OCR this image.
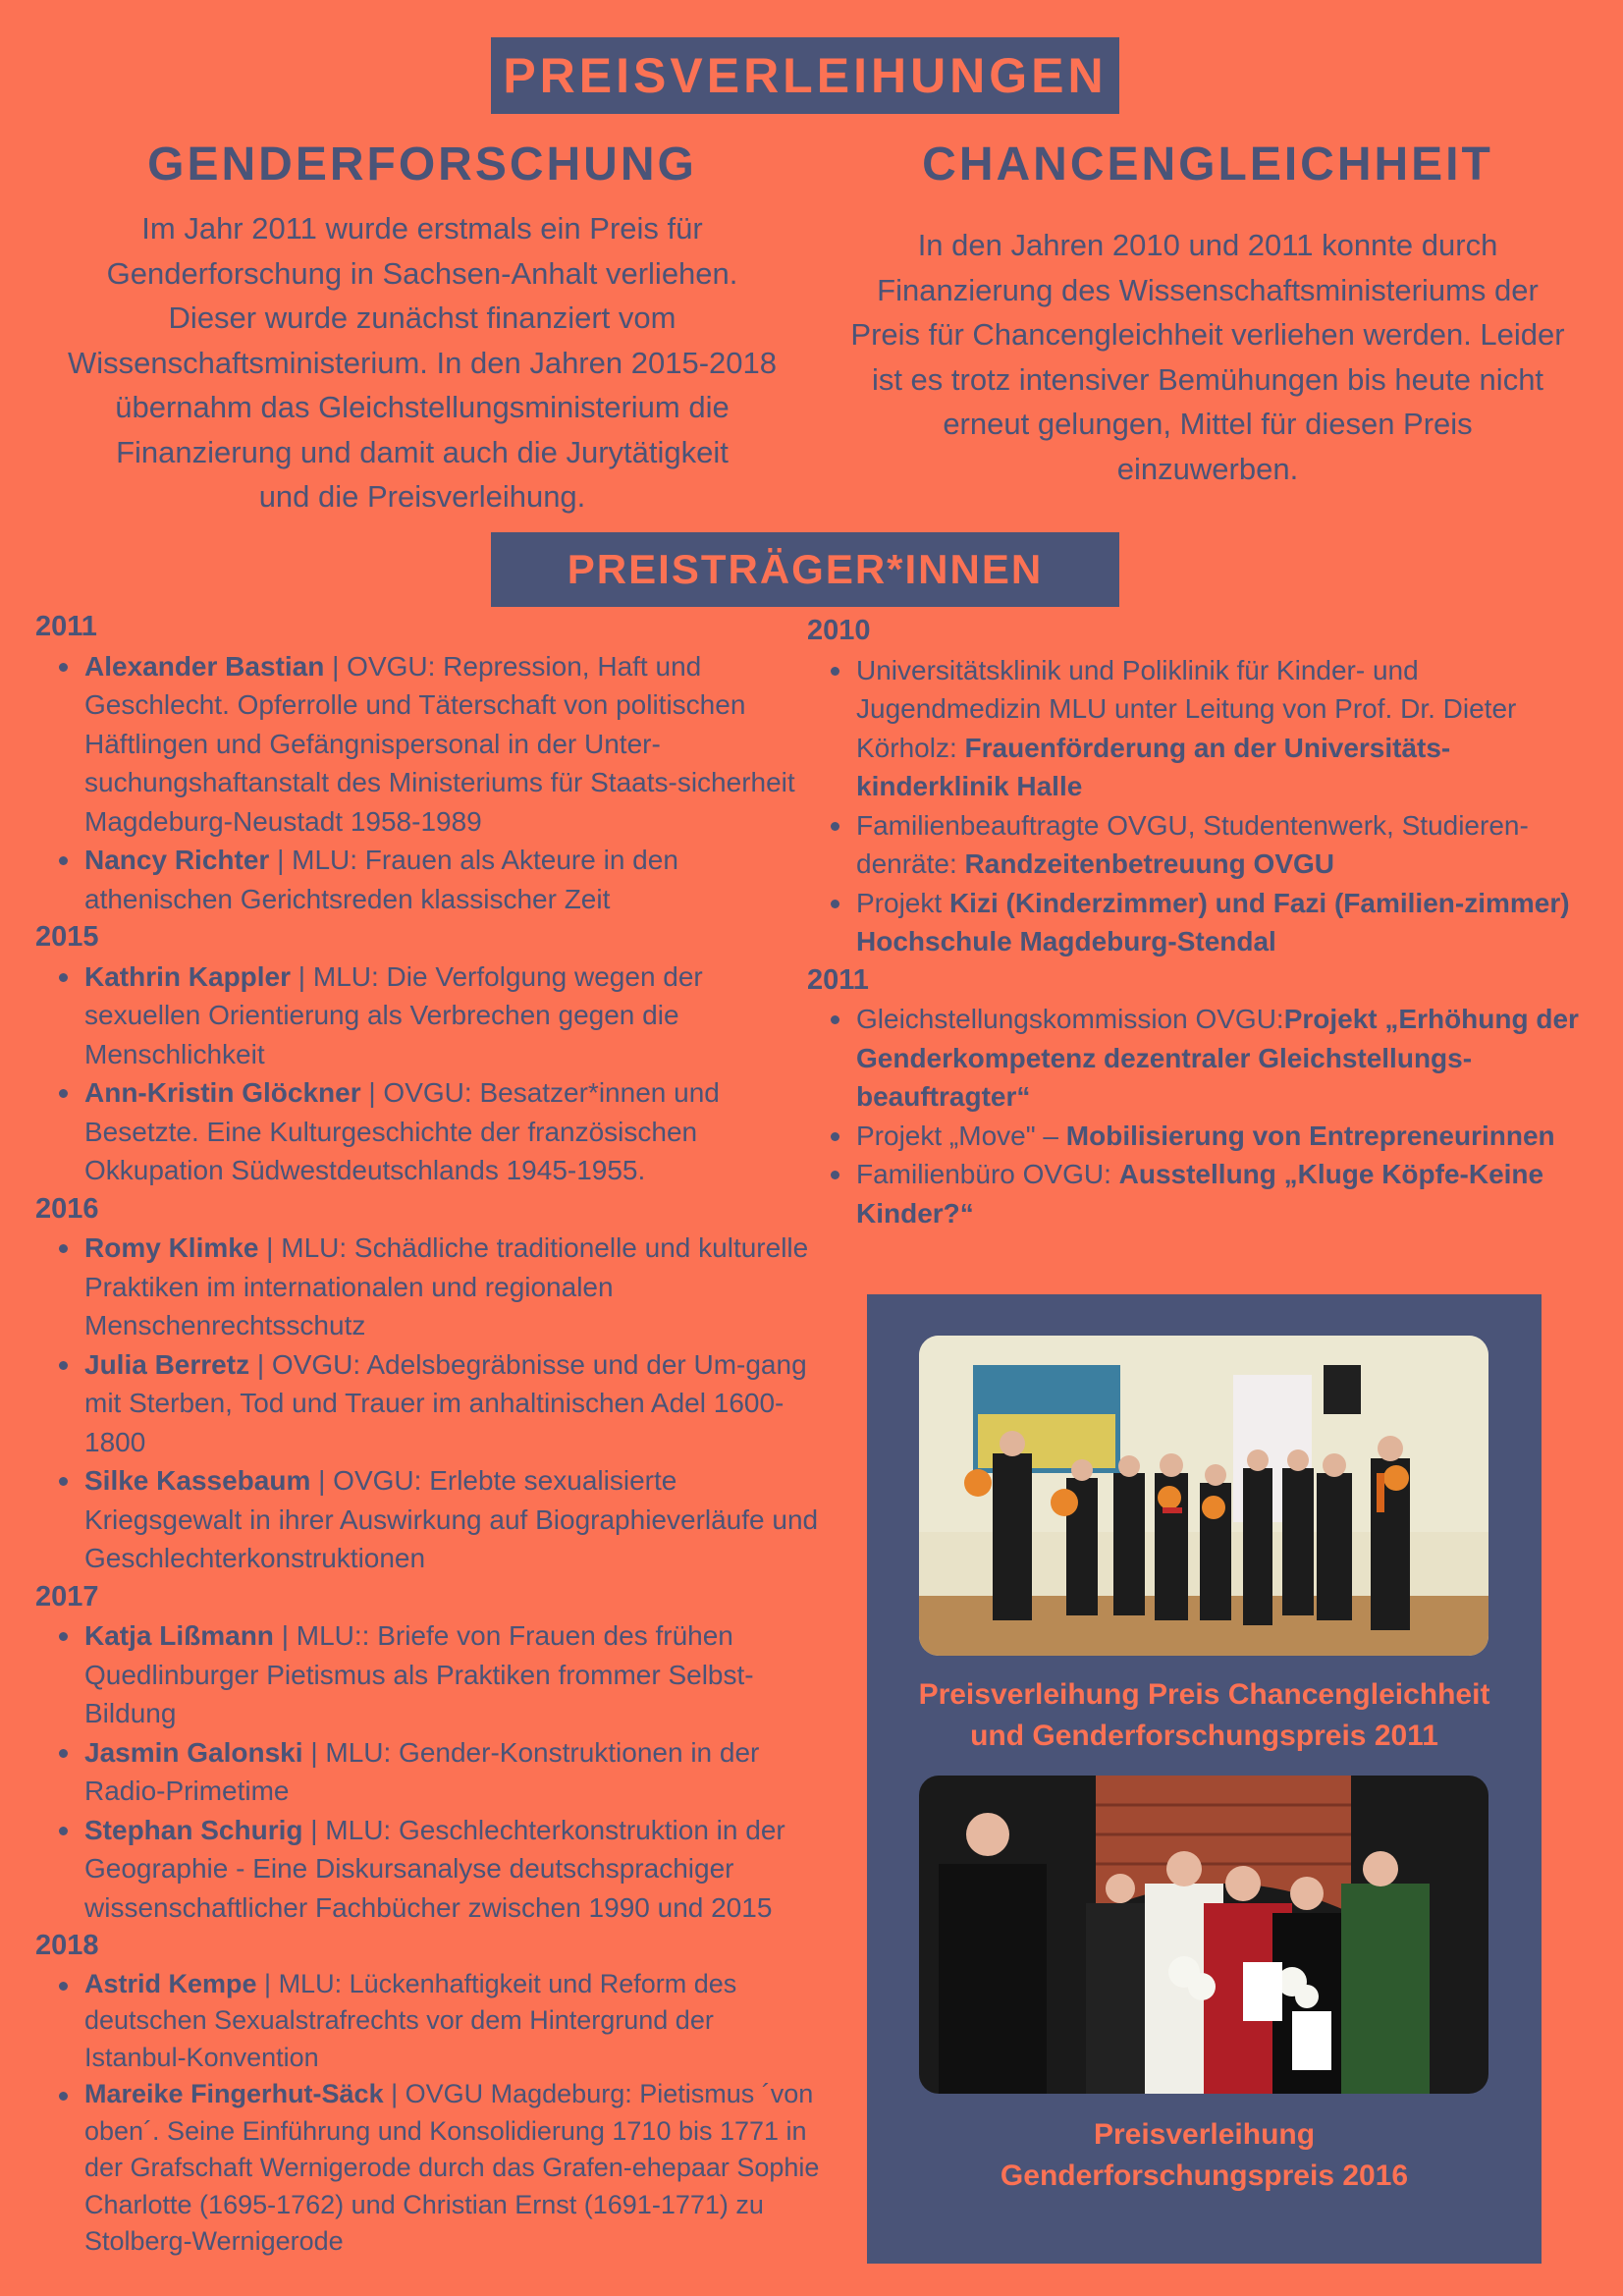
PREISVERLEIHUNGEN
GENDERFORSCHUNG	CHANCENGLEICHHEIT
Im Jahr 2011 wurde erstmals ein Preis für
Genderforschung in Sachsen-Anhalt verliehen.
Dieser wurde zunächst finanziert vom
Wissenschaftsministerium. In den Jahren 2015-2018
übernahm das Gleichstellungsministerium die
Finanzierung und damit auch die Jurytätigkeit
und die Preisverleihung.
In den Jahren 2010 und 2011 konnte durch
Finanzierung des Wissenschaftsministeriums der
Preis für Chancengleichheit verliehen werden. Leider
ist es trotz intensiver Bemühungen bis heute nicht
erneut gelungen, Mittel für diesen Preis
einzuwerben.
PREISTRÄGER*INNEN
2011
Alexander Bastian | OVGU: Repression, Haft und Geschlecht. Opferrolle und Täterschaft von politischen Häftlingen und Gefängnispersonal in der Unter-suchungshaftanstalt des Ministeriums für Staats-sicherheit Magdeburg-Neustadt 1958-1989
Nancy Richter | MLU: Frauen als Akteure in den athenischen Gerichtsreden klassischer Zeit
2015
Kathrin Kappler | MLU: Die Verfolgung wegen der sexuellen Orientierung als Verbrechen gegen die Menschlichkeit
Ann-Kristin Glöckner | OVGU: Besatzer*innen und Besetzte. Eine Kulturgeschichte der französischen Okkupation Südwestdeutschlands 1945-1955.
2016
Romy Klimke | MLU: Schädliche traditionelle und kulturelle Praktiken im internationalen und regionalen Menschenrechtsschutz
Julia Berretz | OVGU: Adelsbegräbnisse und der Um-gang mit Sterben, Tod und Trauer im anhaltinischen Adel 1600-1800
Silke Kassebaum | OVGU: Erlebte sexualisierte Kriegsgewalt in ihrer Auswirkung auf Biographieverläufe und Geschlechterkonstruktionen
2017
Katja Lißmann | MLU:: Briefe von Frauen des frühen Quedlinburger Pietismus als Praktiken frommer Selbst-Bildung
Jasmin Galonski | MLU: Gender-Konstruktionen in der Radio-Primetime
Stephan Schurig | MLU: Geschlechterkonstruktion in der Geographie - Eine Diskursanalyse deutschsprachiger wissenschaftlicher Fachbücher zwischen 1990 und 2015
2018
Astrid Kempe | MLU: Lückenhaftigkeit und Reform des deutschen Sexualstrafrechts vor dem Hintergrund der Istanbul-Konvention
Mareike Fingerhut-Säck | OVGU Magdeburg: Pietismus ´von oben´. Seine Einführung und Konsolidierung 1710 bis 1771 in der Grafschaft Wernigerode durch das Grafen-ehepaar Sophie Charlotte (1695-1762) und Christian Ernst (1691-1771) zu Stolberg-Wernigerode
2010
Universitätsklinik und Poliklinik für Kinder- und Jugendmedizin MLU unter Leitung von Prof. Dr. Dieter Körholz: Frauenförderung an der Universitäts-kinderklinik Halle
Familienbeauftragte OVGU, Studentenwerk, Studieren-denräte: Randzeitenbetreuung OVGU
Projekt Kizi (Kinderzimmer) und Fazi (Familien-zimmer) Hochschule Magdeburg-Stendal
2011
Gleichstellungskommission OVGU:Projekt „Erhöhung der Genderkompetenz dezentraler Gleichstellungs-beauftragter“
Projekt „Move" – Mobilisierung von Entrepreneurinnen
Familienbüro OVGU: Ausstellung „Kluge Köpfe-Keine Kinder?“
Preisverleihung Preis Chancengleichheit
und Genderforschungspreis 2011
Preisverleihung
Genderforschungspreis 2016
